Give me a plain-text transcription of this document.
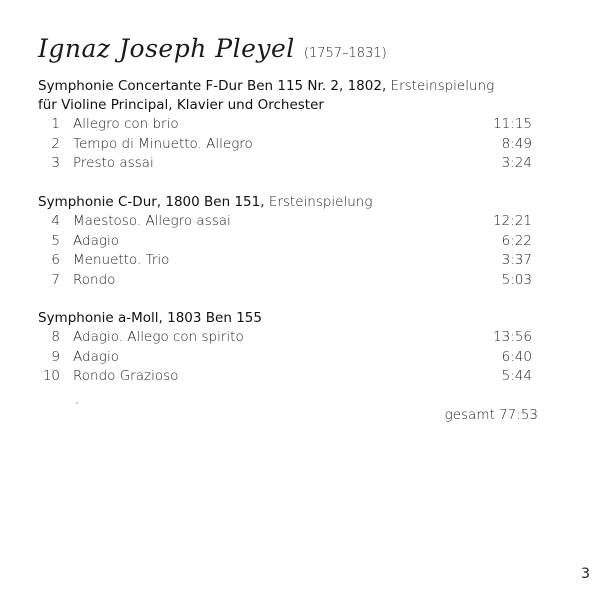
Ignaz Joseph Pleyel (1757–1831)
Symphonie Concertante F-Dur Ben 115 Nr. 2, 1802, Ersteinspielung
für Violine Principal, Klavier und Orchester
1 Allegro con brio	11:15
2 Tempo di Minuetto. Allegro	8:49
3 Presto assai	3:24
Symphonie C-Dur, 1800 Ben 151, Ersteinspielung
4 Maestoso. Allegro assai	12:21
5 Adagio	6:22
6 Menuetto. Trio	3:37
7 Rondo	5:03
Symphonie a-Moll, 1803 Ben 155
8 Adagio. Allego con spirito	13:56
9 Adagio	6:40
10 Rondo Grazioso	5:44
gesamt 77:53
3
